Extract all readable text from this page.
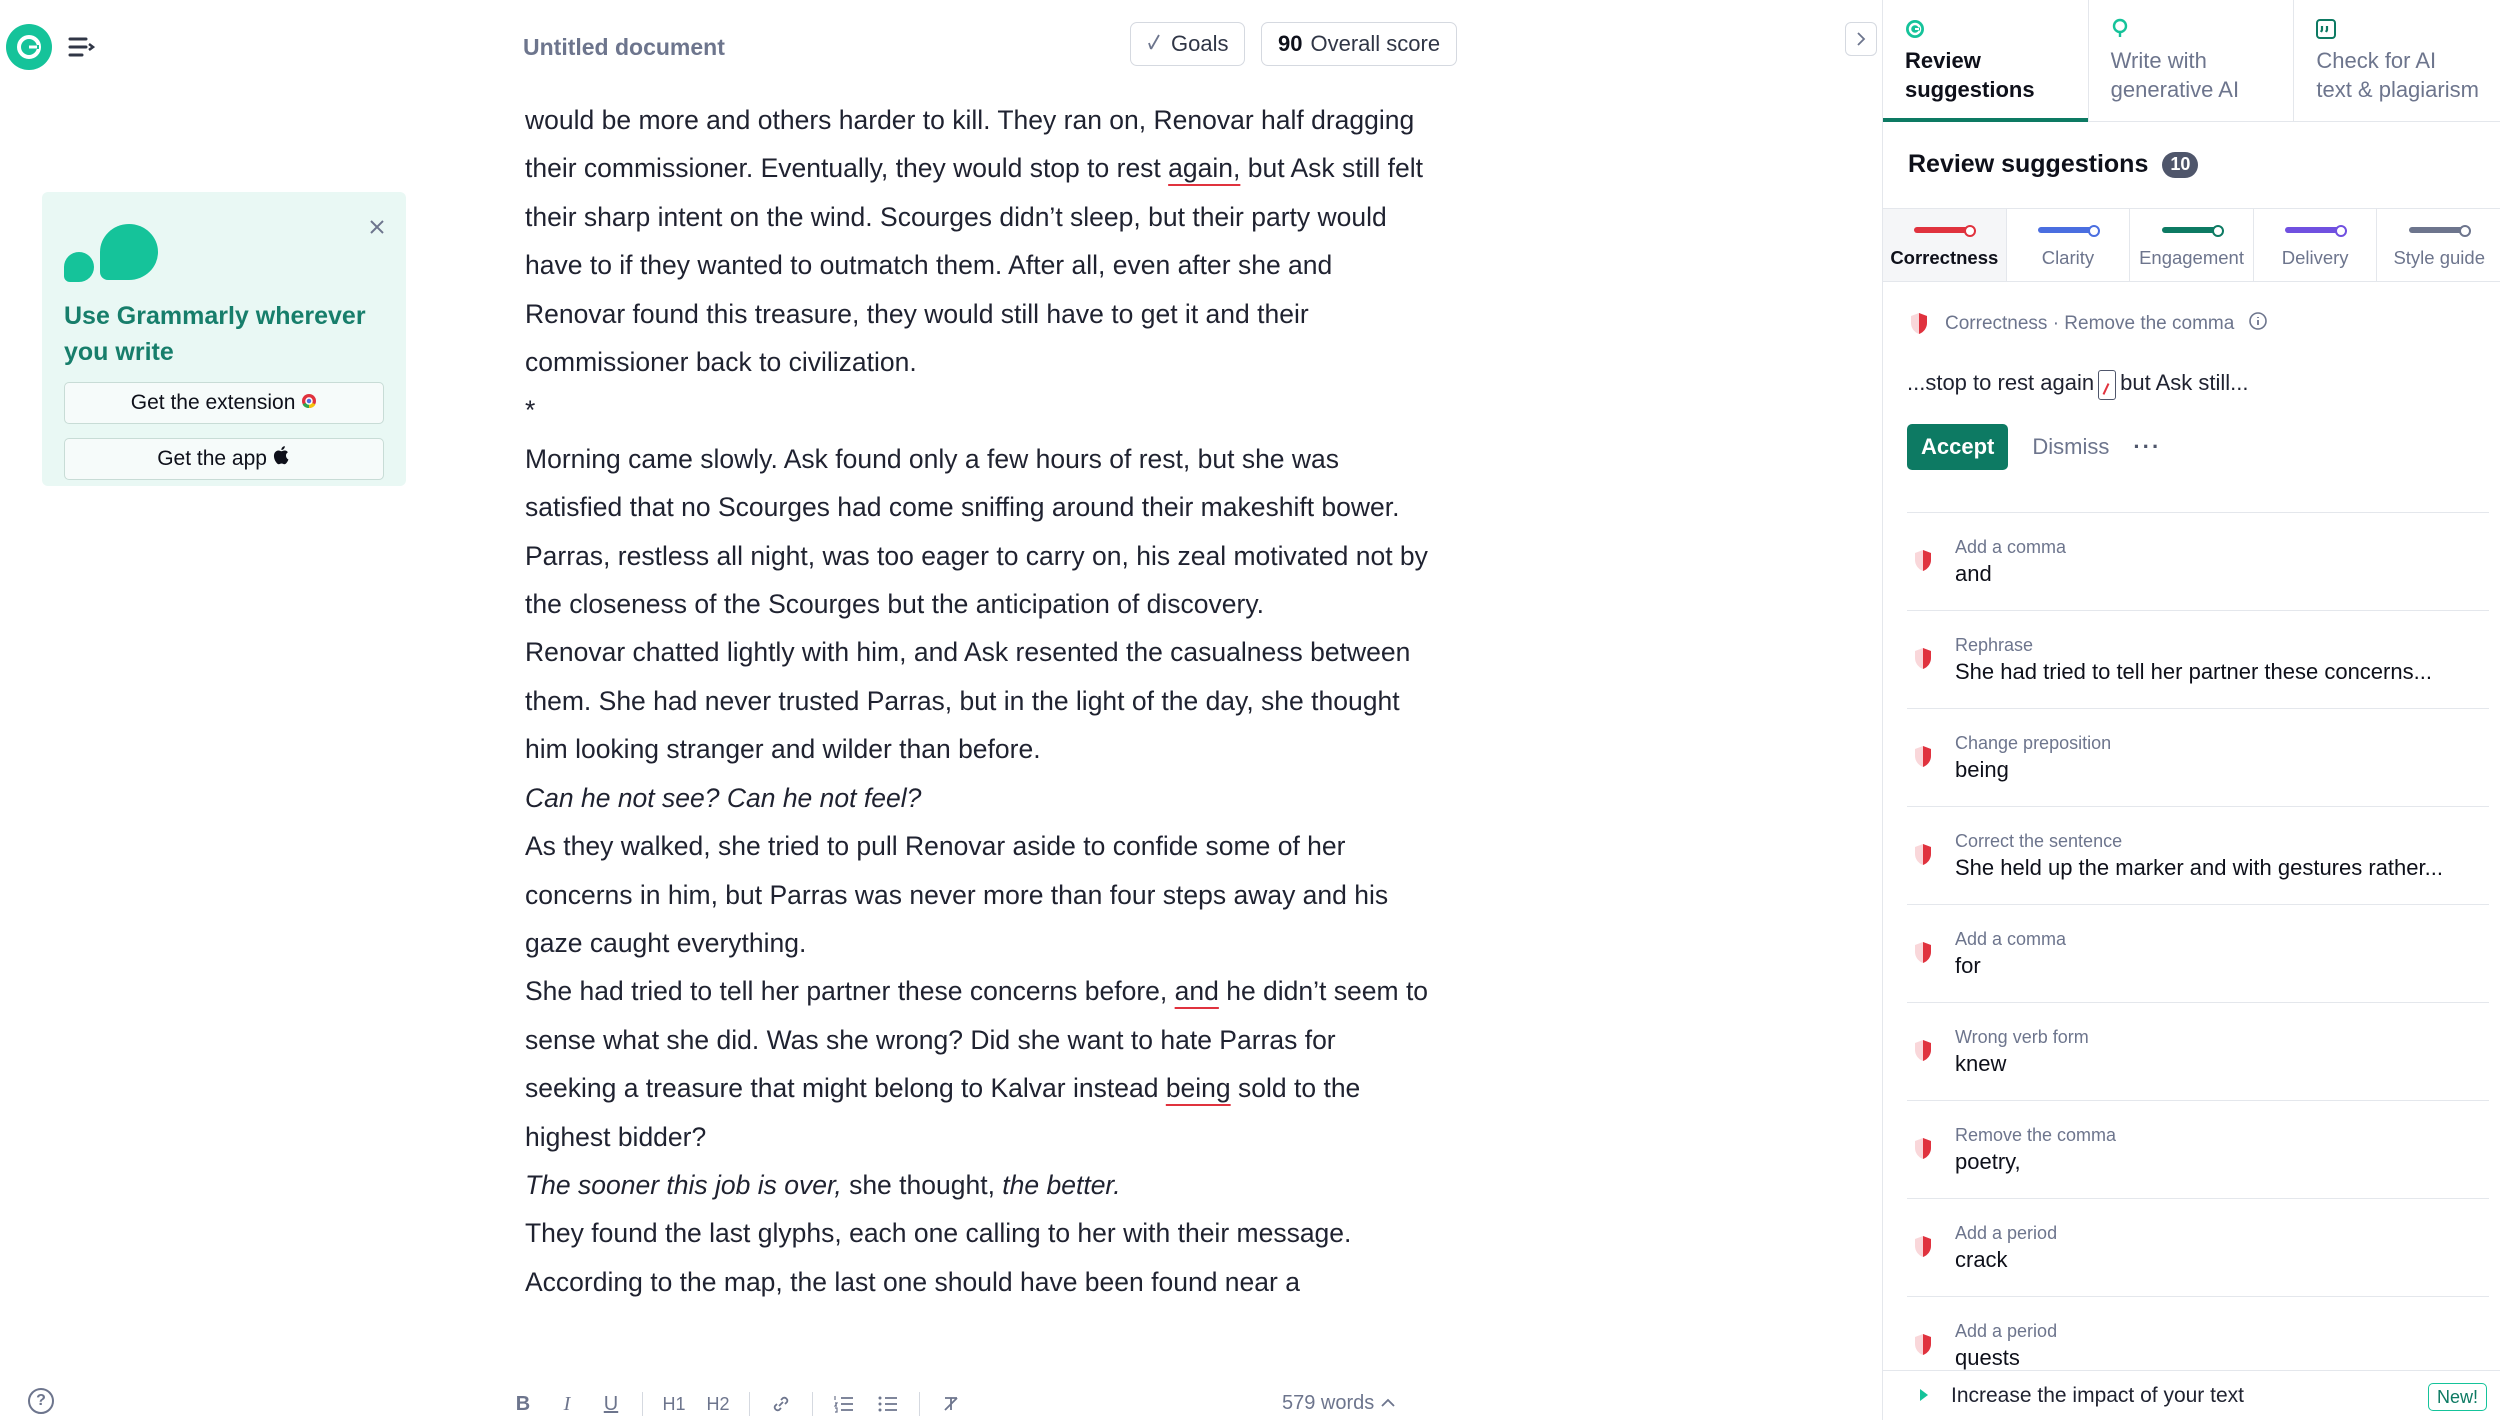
Use Grammarly wherever you write
Get the extension
Get the app
Untitled document	Goals 90 Overall score

would be more and others harder to kill. They ran on, Renovar half dragging their commissioner. Eventually, they would stop to rest again, but Ask still felt their sharp intent on the wind. Scourges didn’t sleep, but their party would have to if they wanted to outmatch them. After all, even after she and Renovar found this treasure, they would still have to get it and their commissioner back to civilization.

*

Morning came slowly. Ask found only a few hours of rest, but she was satisfied that no Scourges had come sniffing around their makeshift bower. Parras, restless all night, was too eager to carry on, his zeal motivated not by the closeness of the Scourges but the anticipation of discovery.

Renovar chatted lightly with him, and Ask resented the casualness between them. She had never trusted Parras, but in the light of the day, she thought him looking stranger and wilder than before.

Can he not see? Can he not feel?

As they walked, she tried to pull Renovar aside to confide some of her concerns in him, but Parras was never more than four steps away and his gaze caught everything.

She had tried to tell her partner these concerns before, and he didn’t seem to sense what she did. Was she wrong? Did she want to hate Parras for seeking a treasure that might belong to Kalvar instead being sold to the highest bidder?

The sooner this job is over, she thought, the better.

They found the last glyphs, each one calling to her with their message. According to the map, the last one should have been found near a

?	B	I	U	H1 H2	579 words
Review
suggestions
Write with
generative AI
Check for AI
text & plagiarism
Review suggestions	10
Correctness Clarity Engagement Delivery Style guide
Correctness · Remove the comma
...stop to rest again but Ask still...
Accept	Dismiss ···
Add a comma
and
Rephrase
She had tried to tell her partner these concerns...
Change preposition
being
Correct the sentence
She held up the marker and with gestures rather...
Add a comma
for
Wrong verb form
knew
Remove the comma
poetry,
Add a period
crack
Add a period
quests
Increase the impact of your text	New!
